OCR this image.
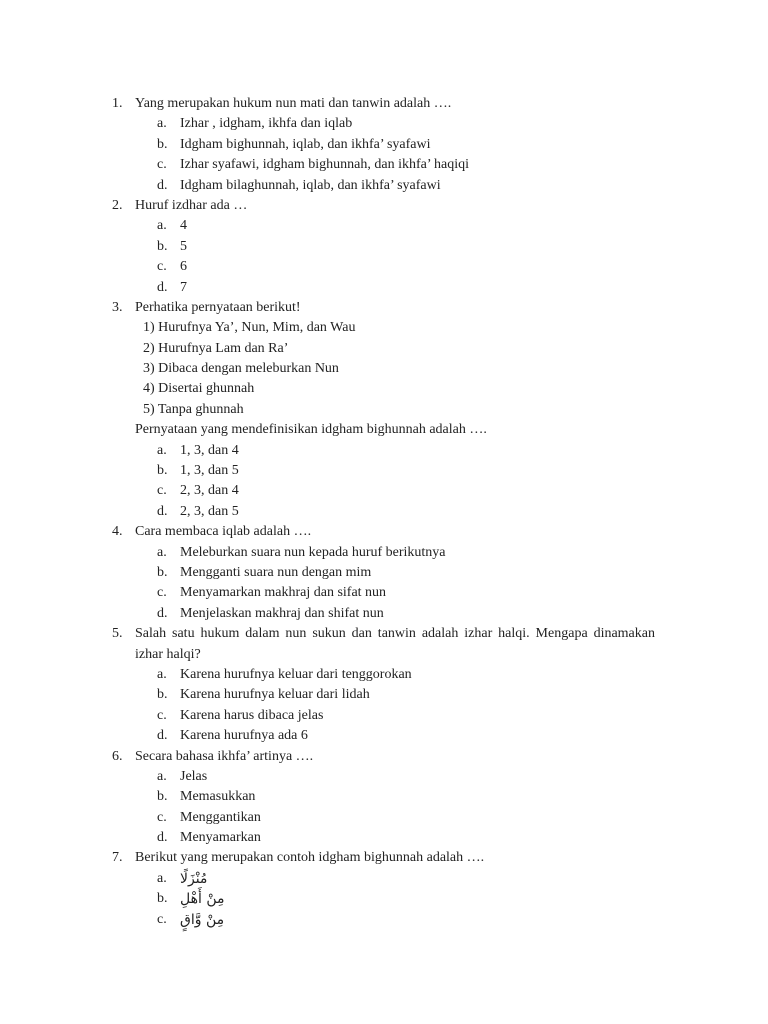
1. Yang merupakan hukum nun mati dan tanwin adalah ….
a. Izhar , idgham, ikhfa dan iqlab
b. Idgham bighunnah, iqlab, dan ikhfa’ syafawi
c. Izhar syafawi, idgham bighunnah, dan ikhfa’ haqiqi
d. Idgham bilaghunnah, iqlab, dan ikhfa’ syafawi
2. Huruf izdhar ada …
a. 4
b. 5
c. 6
d. 7
3. Perhatika pernyataan berikut!
1) Hurufnya Ya’, Nun, Mim, dan Wau
2) Hurufnya Lam dan Ra’
3) Dibaca dengan meleburkan Nun
4) Disertai ghunnah
5) Tanpa ghunnah
Pernyataan yang mendefinisikan idgham bighunnah adalah ….
a. 1, 3, dan 4
b. 1, 3, dan 5
c. 2, 3, dan 4
d. 2, 3, dan 5
4. Cara membaca iqlab adalah ….
a. Meleburkan suara nun kepada huruf berikutnya
b. Mengganti suara nun dengan mim
c. Menyamarkan makhraj dan sifat nun
d. Menjelaskan makhraj dan shifat nun
5. Salah satu hukum dalam nun sukun dan tanwin adalah izhar halqi. Mengapa dinamakan izhar halqi?
a. Karena hurufnya keluar dari tenggorokan
b. Karena hurufnya keluar dari lidah
c. Karena harus dibaca jelas
d. Karena hurufnya ada 6
6. Secara bahasa ikhfa’ artinya ….
a. Jelas
b. Memasukkan
c. Menggantikan
d. Menyamarkan
7. Berikut yang merupakan contoh idgham bighunnah adalah ….
a. مُنْزَلًا
b. مِنْ أَهْلِ
c. مِنْ وَّاقٍ
